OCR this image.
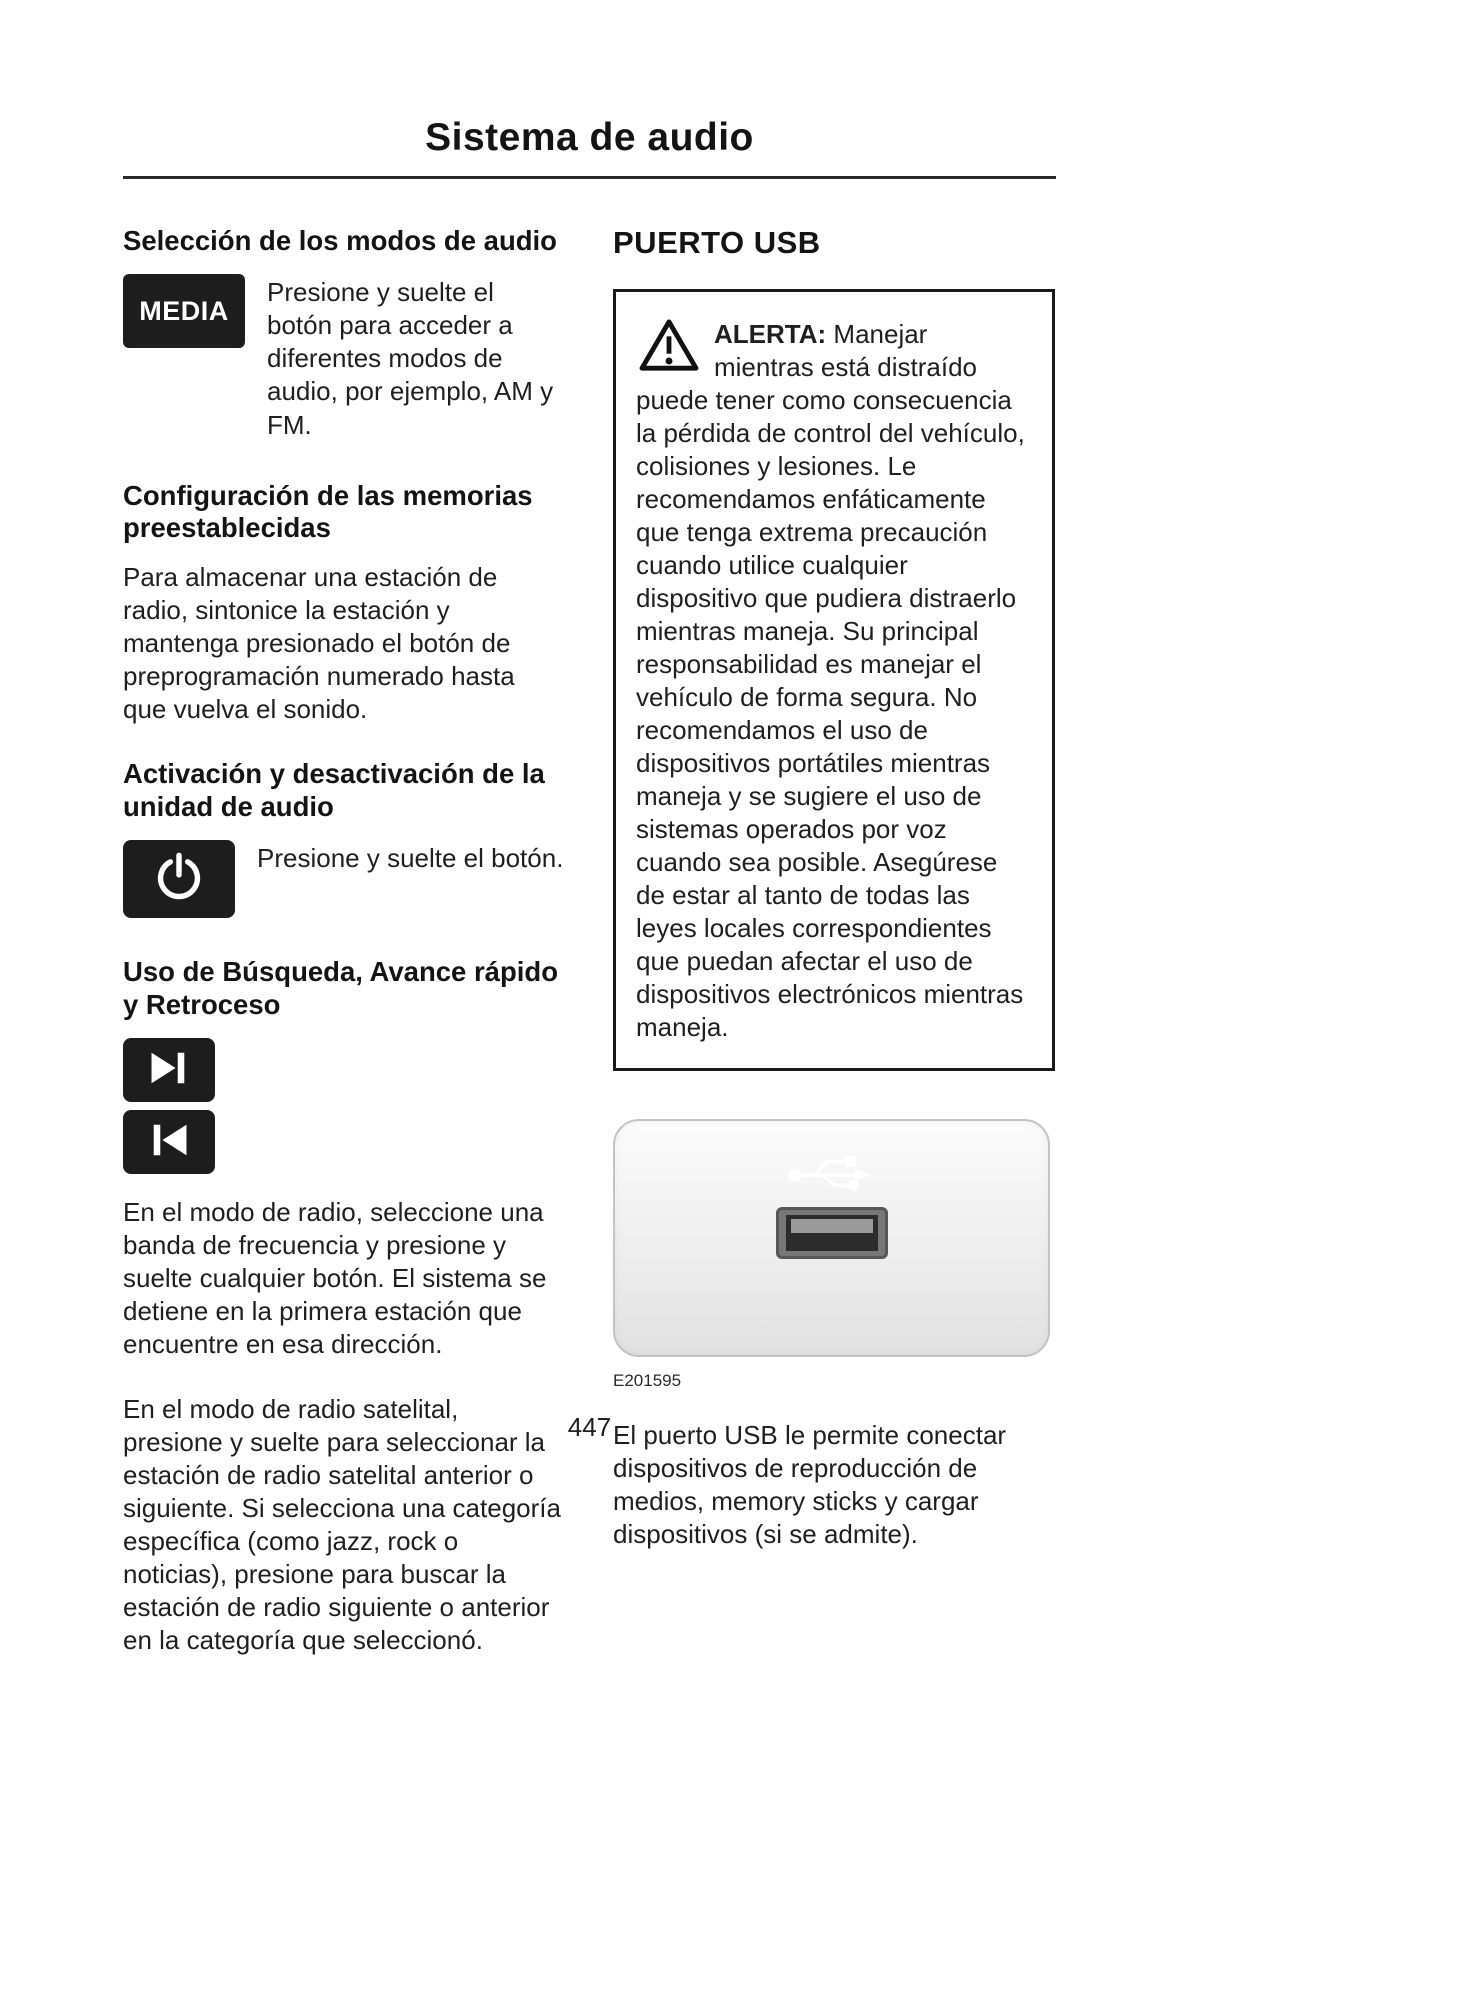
Sistema de audio
Selección de los modos de audio
MEDIA
Presione y suelte el botón para acceder a diferentes modos de audio, por ejemplo, AM y FM.
Configuración de las memorias preestablecidas

Para almacenar una estación de radio, sintonice la estación y mantenga presionado el botón de preprogramación numerado hasta que vuelva el sonido.

Activación y desactivación de la unidad de audio
Presione y suelte el botón.
Uso de Búsqueda, Avance rápido y Retroceso

En el modo de radio, seleccione una banda de frecuencia y presione y suelte cualquier botón. El sistema se detiene en la primera estación que encuentre en esa dirección.

En el modo de radio satelital, presione y suelte para seleccionar la estación de radio satelital anterior o siguiente. Si selecciona una categoría específica (como jazz, rock o noticias), presione para buscar la estación de radio siguiente o anterior en la categoría que seleccionó.

PUERTO USB
ALERTA: Manejar mientras está distraído puede tener como consecuencia la pérdida de control del vehículo, colisiones y lesiones. Le recomendamos enfáticamente que tenga extrema precaución cuando utilice cualquier dispositivo que pudiera distraerlo mientras maneja. Su principal responsabilidad es manejar el vehículo de forma segura. No recomendamos el uso de dispositivos portátiles mientras maneja y se sugiere el uso de sistemas operados por voz cuando sea posible. Asegúrese de estar al tanto de todas las leyes locales correspondientes que puedan afectar el uso de dispositivos electrónicos mientras maneja.
E201595

El puerto USB le permite conectar dispositivos de reproducción de medios, memory sticks y cargar dispositivos (si se admite).

447
